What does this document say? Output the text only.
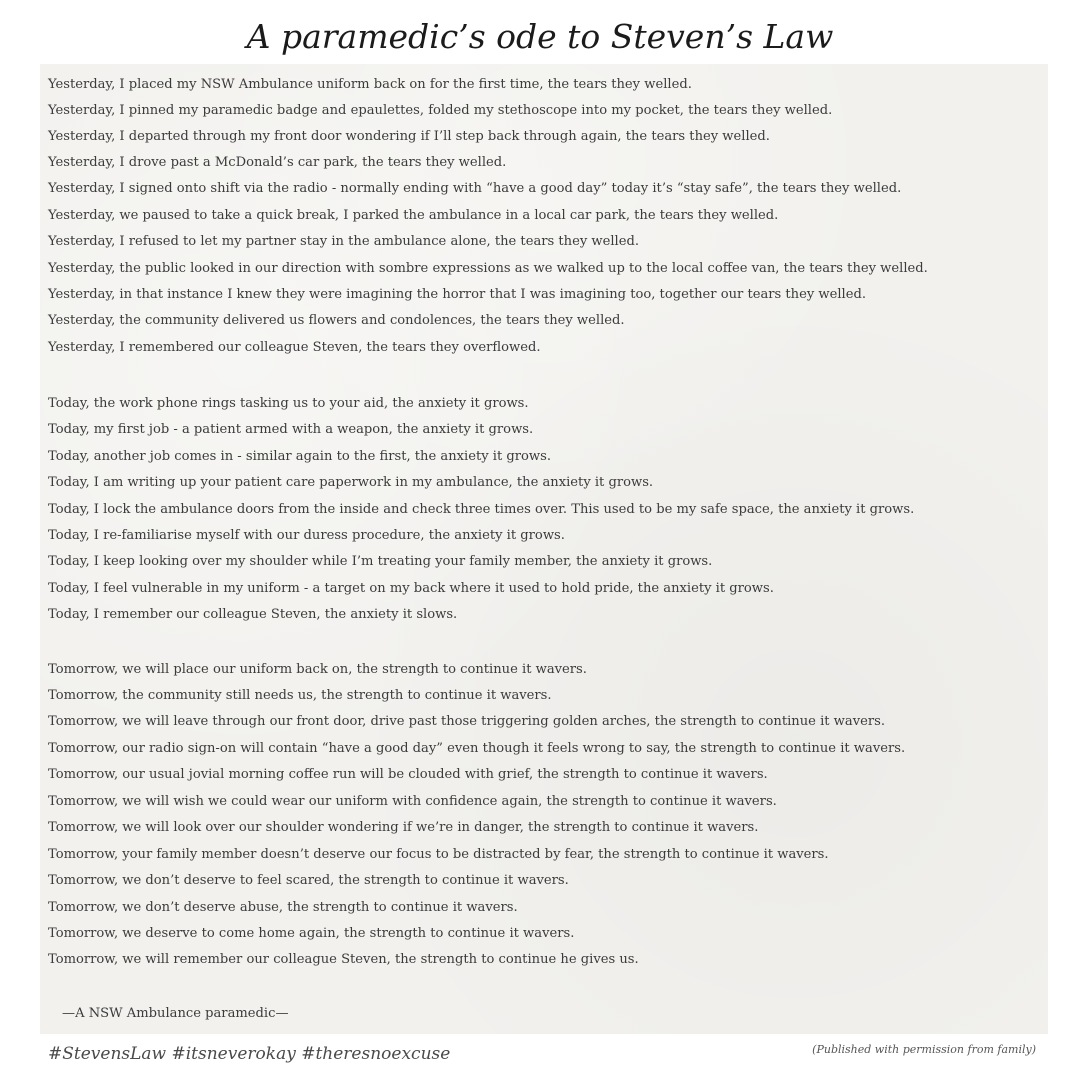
A paramedic’s ode to Steven’s Law
Yesterday, I placed my NSW Ambulance uniform back on for the first time, the tears they welled.
Yesterday, I pinned my paramedic badge and epaulettes, folded my stethoscope into my pocket, the tears they welled.
Yesterday, I departed through my front door wondering if I’ll step back through again, the tears they welled.
Yesterday, I drove past a McDonald’s car park, the tears they welled.
Yesterday, I signed onto shift via the radio - normally ending with “have a good day” today it’s “stay safe”, the tears they welled.
Yesterday, we paused to take a quick break, I parked the ambulance in a local car park, the tears they welled.
Yesterday, I refused to let my partner stay in the ambulance alone, the tears they welled.
Yesterday, the public looked in our direction with sombre expressions as we walked up to the local coffee van, the tears they welled.
Yesterday, in that instance I knew they were imagining the horror that I was imagining too, together our tears they welled.
Yesterday, the community delivered us flowers and condolences, the tears they welled.
Yesterday, I remembered our colleague Steven, the tears they overflowed.
Today, the work phone rings tasking us to your aid, the anxiety it grows.
Today, my first job - a patient armed with a weapon, the anxiety it grows.
Today, another job comes in - similar again to the first, the anxiety it grows.
Today, I am writing up your patient care paperwork in my ambulance, the anxiety it grows.
Today, I lock the ambulance doors from the inside and check three times over. This used to be my safe space, the anxiety it grows.
Today, I re-familiarise myself with our duress procedure, the anxiety it grows.
Today, I keep looking over my shoulder while I’m treating your family member, the anxiety it grows.
Today, I feel vulnerable in my uniform - a target on my back where it used to hold pride, the anxiety it grows.
Today, I remember our colleague Steven, the anxiety it slows.
Tomorrow, we will place our uniform back on, the strength to continue it wavers.
Tomorrow, the community still needs us, the strength to continue it wavers.
Tomorrow, we will leave through our front door, drive past those triggering golden arches, the strength to continue it wavers.
Tomorrow, our radio sign-on will contain “have a good day” even though it feels wrong to say, the strength to continue it wavers.
Tomorrow, our usual jovial morning coffee run will be clouded with grief, the strength to continue it wavers.
Tomorrow, we will wish we could wear our uniform with confidence again, the strength to continue it wavers.
Tomorrow, we will look over our shoulder wondering if we’re in danger, the strength to continue it wavers.
Tomorrow, your family member doesn’t deserve our focus to be distracted by fear, the strength to continue it wavers.
Tomorrow, we don’t deserve to feel scared, the strength to continue it wavers.
Tomorrow, we don’t deserve abuse, the strength to continue it wavers.
Tomorrow, we deserve to come home again, the strength to continue it wavers.
Tomorrow, we will remember our colleague Steven, the strength to continue he gives us.
—A NSW Ambulance paramedic—
#StevensLaw #itsneverokay #theresnoexcuse	(Published with permission from family)
